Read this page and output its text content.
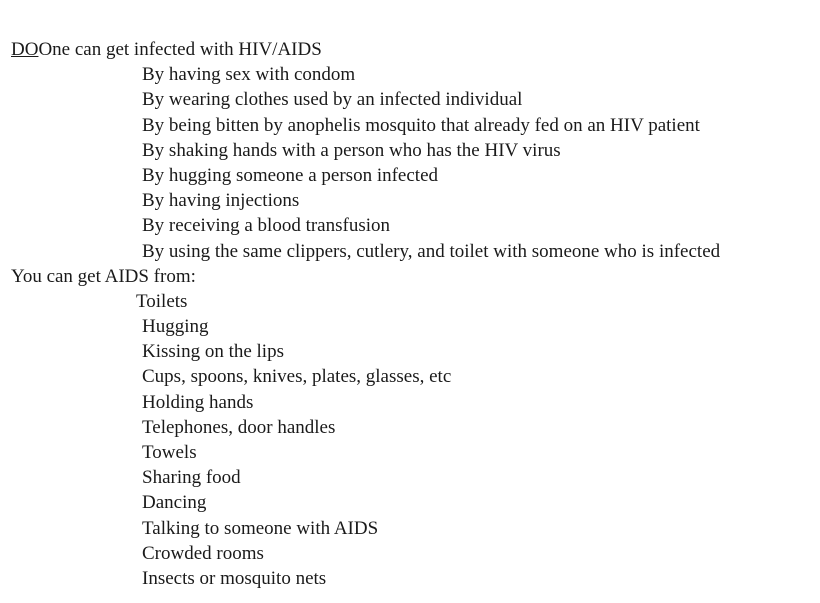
DOOne can get infected with HIV/AIDS
By having sex with condom
By wearing clothes used by an infected individual
By being bitten by anophelis mosquito that already fed on an HIV patient
By shaking hands with a person who has the HIV virus
By hugging someone a person infected
By having injections
By receiving a blood transfusion
By using the same clippers, cutlery, and toilet with someone who is infected
You can get AIDS from:
Toilets
Hugging
Kissing on the lips
Cups, spoons, knives, plates, glasses, etc
Holding hands
Telephones, door handles
Towels
Sharing food
Dancing
Talking to someone with AIDS
Crowded rooms
Insects or mosquito nets
